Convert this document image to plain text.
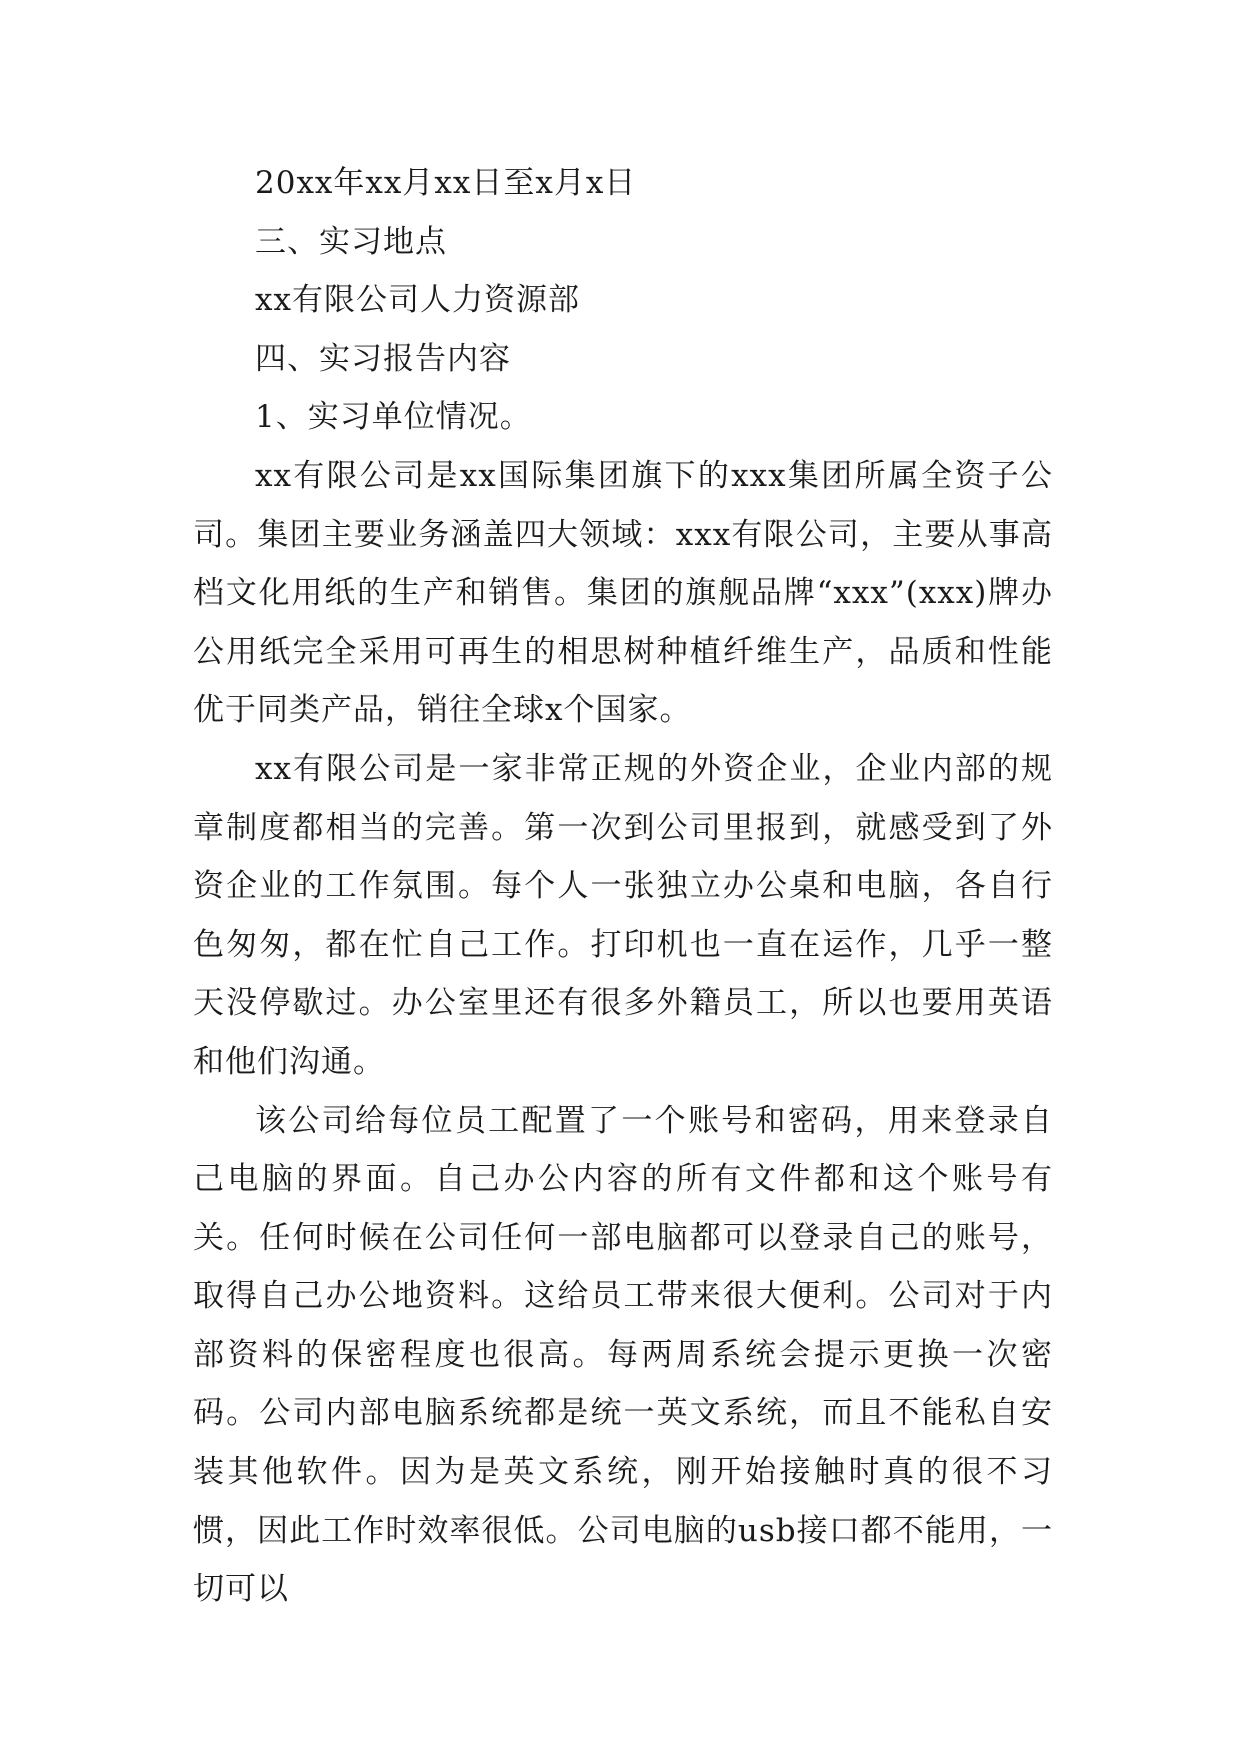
20xx年xx月xx日至x月x日

三、实习地点

xx有限公司人力资源部

四、实习报告内容

1、实习单位情况。

xx有限公司是xx国际集团旗下的xxx集团所属全资子公司。集团主要业务涵盖四大领域：xxx有限公司，主要从事高档文化用纸的生产和销售。集团的旗舰品牌“xxx”(xxx)牌办公用纸完全采用可再生的相思树种植纤维生产，品质和性能优于同类产品，销往全球x个国家。

xx有限公司是一家非常正规的外资企业，企业内部的规章制度都相当的完善。第一次到公司里报到，就感受到了外资企业的工作氛围。每个人一张独立办公桌和电脑，各自行色匆匆，都在忙自己工作。打印机也一直在运作，几乎一整天没停歇过。办公室里还有很多外籍员工，所以也要用英语和他们沟通。

该公司给每位员工配置了一个账号和密码，用来登录自己电脑的界面。自己办公内容的所有文件都和这个账号有关。任何时候在公司任何一部电脑都可以登录自己的账号，取得自己办公地资料。这给员工带来很大便利。公司对于内部资料的保密程度也很高。每两周系统会提示更换一次密码。公司内部电脑系统都是统一英文系统，而且不能私自安装其他软件。因为是英文系统，刚开始接触时真的很不习惯，因此工作时效率很低。公司电脑的usb接口都不能用，一切可以
